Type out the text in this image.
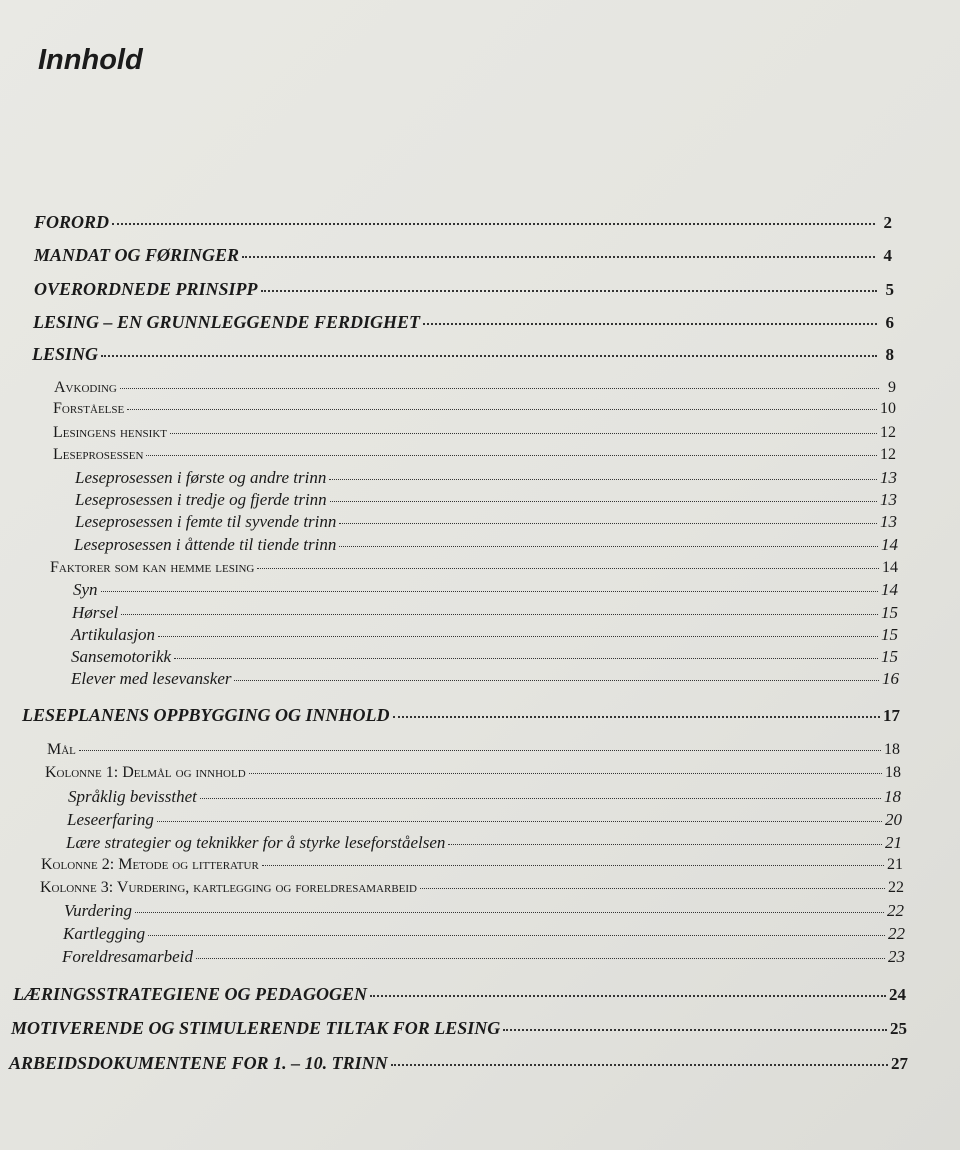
Innhold
FORORD	2
MANDAT OG FØRINGER	4
OVERORDNEDE PRINSIPP	5
LESING – EN GRUNNLEGGENDE FERDIGHET	6
LESING	8
Avkoding	9
Forståelse	10
Lesingens hensikt	12
Leseprosessen	12
Leseprosessen i første og andre trinn	13
Leseprosessen i tredje og fjerde trinn	13
Leseprosessen i femte til syvende trinn	13
Leseprosessen i åttende til tiende trinn	14
Faktorer som kan hemme lesing	14
Syn	14
Hørsel	15
Artikulasjon	15
Sansemotorikk	15
Elever med lesevansker	16
LESEPLANENS OPPBYGGING OG INNHOLD	17
Mål	18
Kolonne 1: Delmål og innhold	18
Språklig bevissthet	18
Leseerfaring	20
Lære strategier og teknikker for å styrke leseforståelsen	21
Kolonne 2: Metode og litteratur	21
Kolonne 3: Vurdering, kartlegging og foreldresamarbeid	22
Vurdering	22
Kartlegging	22
Foreldresamarbeid	23
LÆRINGSSTRATEGIENE OG PEDAGOGEN	24
MOTIVERENDE OG STIMULERENDE TILTAK FOR LESING	25
ARBEIDSDOKUMENTENE FOR 1. – 10. TRINN	27
